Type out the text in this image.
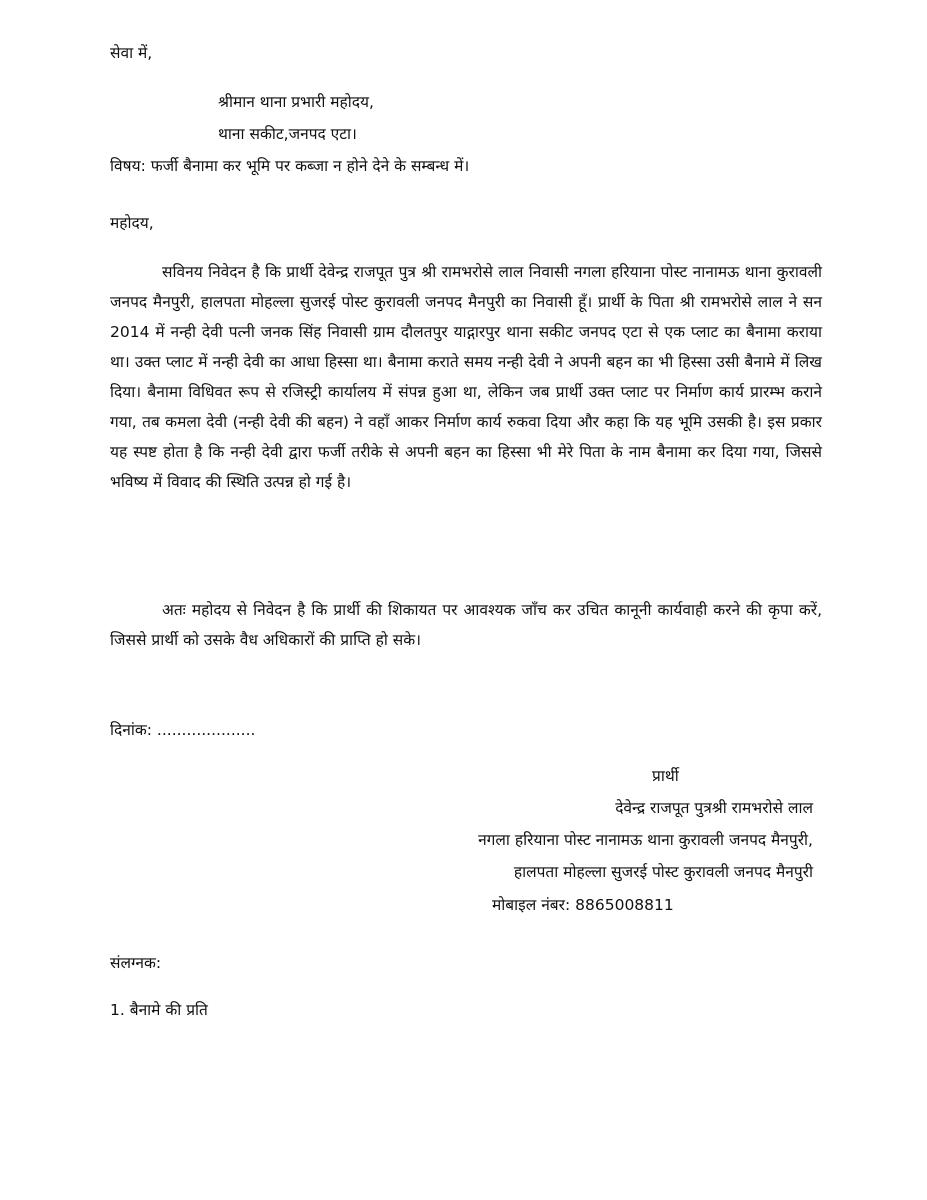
सेवा में,

श्रीमान थाना प्रभारी महोदय,

थाना सकीट,जनपद एटा।

विषय: फर्जी बैनामा कर भूमि पर कब्जा न होने देने के सम्बन्ध में।

महोदय,

सविनय निवेदन है कि प्रार्थी देवेन्द्र राजपूत पुत्र श्री रामभरोसे लाल निवासी नगला हरियाना पोस्ट नानामऊ थाना कुरावली जनपद मैनपुरी, हालपता मोहल्ला सुजरई पोस्ट कुरावली जनपद मैनपुरी का निवासी हूँ। प्रार्थी के पिता श्री रामभरोसे लाल ने सन 2014 में नन्ही देवी पत्नी जनक सिंह निवासी ग्राम दौलतपुर याद्गारपुर थाना सकीट जनपद एटा से एक प्लाट का बैनामा कराया था। उक्त प्लाट में नन्ही देवी का आधा हिस्सा था। बैनामा कराते समय नन्ही देवी ने अपनी बहन का भी हिस्सा उसी बैनामे में लिख दिया। बैनामा विधिवत रूप से रजिस्ट्री कार्यालय में संपन्न हुआ था, लेकिन जब प्रार्थी उक्त प्लाट पर निर्माण कार्य प्रारम्भ कराने गया, तब कमला देवी (नन्ही देवी की बहन) ने वहाँ आकर निर्माण कार्य रुकवा दिया और कहा कि यह भूमि उसकी है। इस प्रकार यह स्पष्ट होता है कि नन्ही देवी द्वारा फर्जी तरीके से अपनी बहन का हिस्सा भी मेरे पिता के नाम बैनामा कर दिया गया, जिससे भविष्य में विवाद की स्थिति उत्पन्न हो गई है।

अतः महोदय से निवेदन है कि प्रार्थी की शिकायत पर आवश्यक जाँच कर उचित कानूनी कार्यवाही करने की कृपा करें, जिससे प्रार्थी को उसके वैध अधिकारों की प्राप्ति हो सके।

दिनांक: ....................

प्रार्थी

देवेन्द्र राजपूत पुत्रश्री रामभरोसे लाल

नगला हरियाना पोस्ट नानामऊ थाना कुरावली जनपद मैनपुरी,

हालपता मोहल्ला सुजरई पोस्ट कुरावली जनपद मैनपुरी

मोबाइल नंबर: 8865008811

संलग्नक:

1. बैनामे की प्रति
